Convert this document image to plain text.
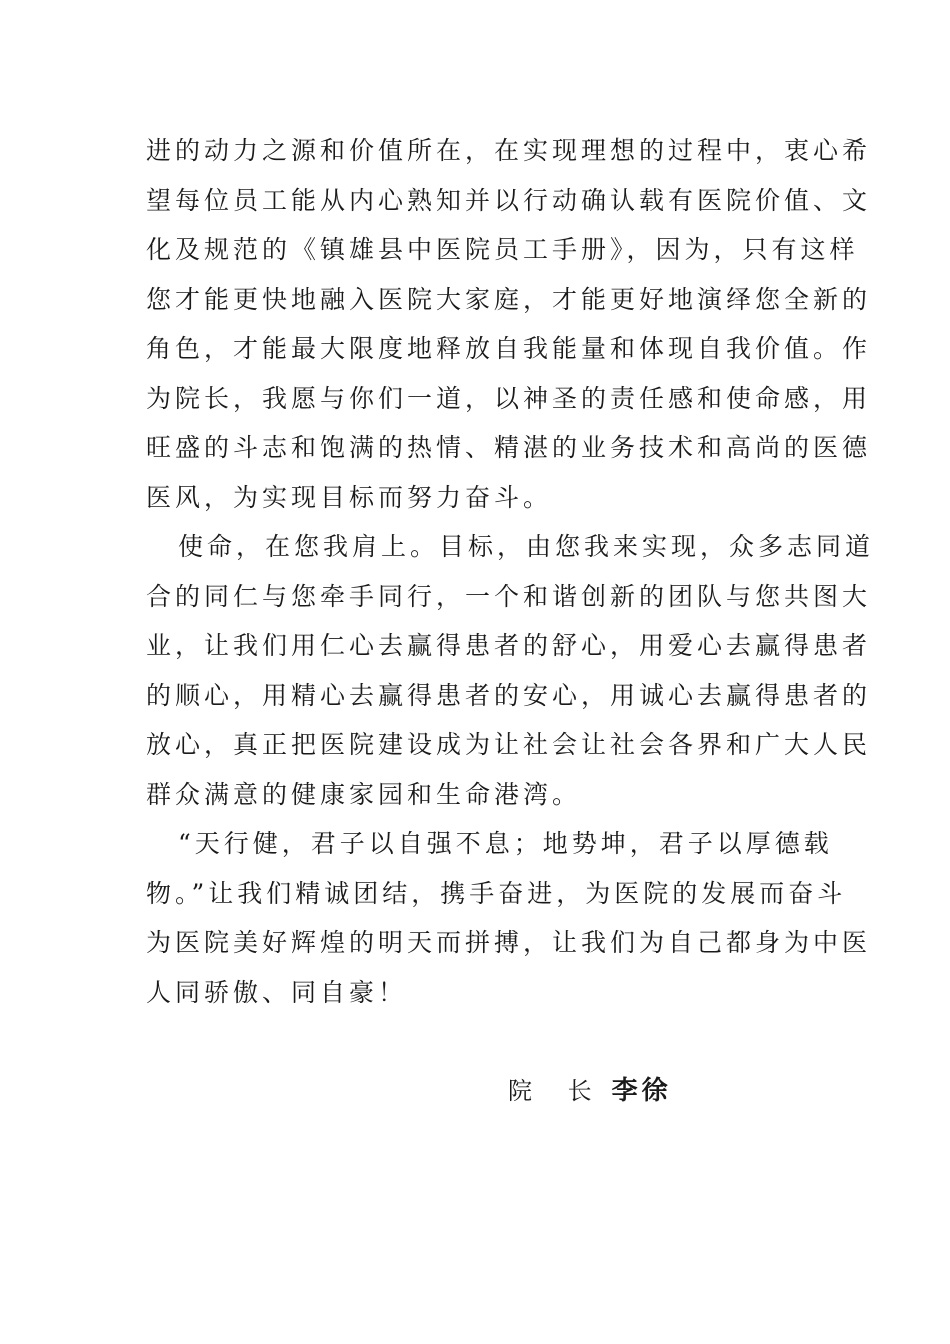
进的动力之源和价值所在，在实现理想的过程中，衷心希
望每位员工能从内心熟知并以行动确认载有医院价值、文
化及规范的《镇雄县中医院员工手册》，因为，只有这样
您才能更快地融入医院大家庭，才能更好地演绎您全新的
角色，才能最大限度地释放自我能量和体现自我价值。作
为院长，我愿与你们一道，以神圣的责任感和使命感，用
旺盛的斗志和饱满的热情、精湛的业务技术和高尚的医德
医风，为实现目标而努力奋斗。
使命，在您我肩上。目标，由您我来实现，众多志同道
合的同仁与您牵手同行，一个和谐创新的团队与您共图大
业，让我们用仁心去赢得患者的舒心，用爱心去赢得患者
的顺心，用精心去赢得患者的安心，用诚心去赢得患者的
放心，真正把医院建设成为让社会让社会各界和广大人民
群众满意的健康家园和生命港湾。
“天行健，君子以自强不息；地势坤，君子以厚德载
物。”让我们精诚团结，携手奋进，为医院的发展而奋斗
为医院美好辉煌的明天而拼搏，让我们为自己都身为中医
人同骄傲、同自豪！

院 长 李徐
